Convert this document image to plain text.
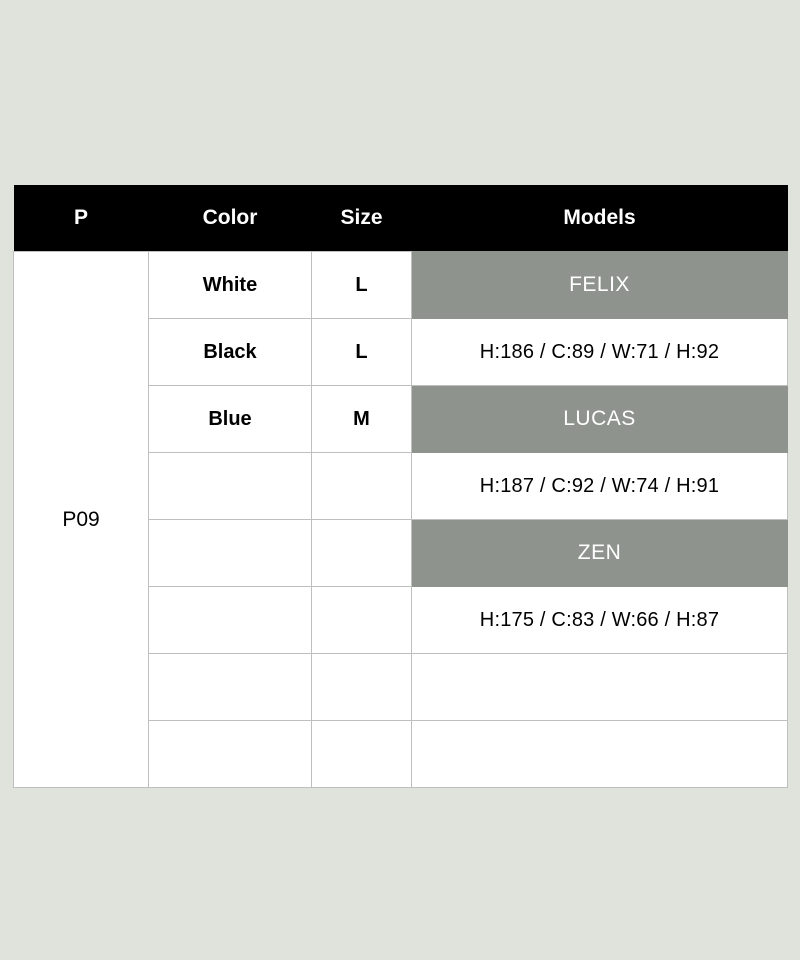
P	Color	Size	Models
P09	White	L	FELIX
	Black	L	H:186 / C:89 / W:71 / H:92
	Blue	M	LUCAS
			H:187 / C:92 / W:74 / H:91
			ZEN
			H:175 / C:83 / W:66 / H:87
